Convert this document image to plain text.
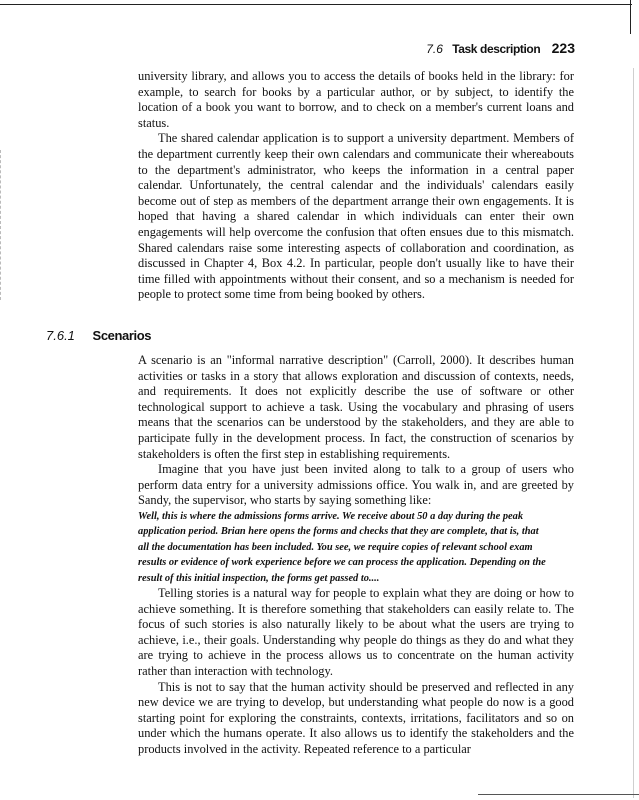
7.6 Task description 223

university library, and allows you to access the details of books held in the library: for example, to search for books by a particular author, or by subject, to identify the location of a book you want to borrow, and to check on a member's current loans and status.

The shared calendar application is to support a university department. Members of the department currently keep their own calendars and communicate their whereabouts to the department's administrator, who keeps the information in a central paper calendar. Unfortunately, the central calendar and the individuals' calendars easily become out of step as members of the department arrange their own engagements. It is hoped that having a shared calendar in which individuals can enter their own engagements will help overcome the confusion that often ensues due to this mismatch. Shared calendars raise some interesting aspects of collaboration and coordination, as discussed in Chapter 4, Box 4.2. In particular, people don't usually like to have their time filled with appointments without their consent, and so a mechanism is needed for people to protect some time from being booked by others.

7.6.1 Scenarios

A scenario is an "informal narrative description" (Carroll, 2000). It describes human activities or tasks in a story that allows exploration and discussion of contexts, needs, and requirements. It does not explicitly describe the use of software or other technological support to achieve a task. Using the vocabulary and phrasing of users means that the scenarios can be understood by the stakeholders, and they are able to participate fully in the development process. In fact, the construction of scenarios by stakeholders is often the first step in establishing requirements.

Imagine that you have just been invited along to talk to a group of users who perform data entry for a university admissions office. You walk in, and are greeted by Sandy, the supervisor, who starts by saying something like:

Well, this is where the admissions forms arrive. We receive about 50 a day during the peak application period. Brian here opens the forms and checks that they are complete, that is, that all the documentation has been included. You see, we require copies of relevant school exam results or evidence of work experience before we can process the application. Depending on the result of this initial inspection, the forms get passed to....

Telling stories is a natural way for people to explain what they are doing or how to achieve something. It is therefore something that stakeholders can easily relate to. The focus of such stories is also naturally likely to be about what the users are trying to achieve, i.e., their goals. Understanding why people do things as they do and what they are trying to achieve in the process allows us to concentrate on the human activity rather than interaction with technology.

This is not to say that the human activity should be preserved and reflected in any new device we are trying to develop, but understanding what people do now is a good starting point for exploring the constraints, contexts, irritations, facilitators and so on under which the humans operate. It also allows us to identify the stakeholders and the products involved in the activity. Repeated reference to a particular
